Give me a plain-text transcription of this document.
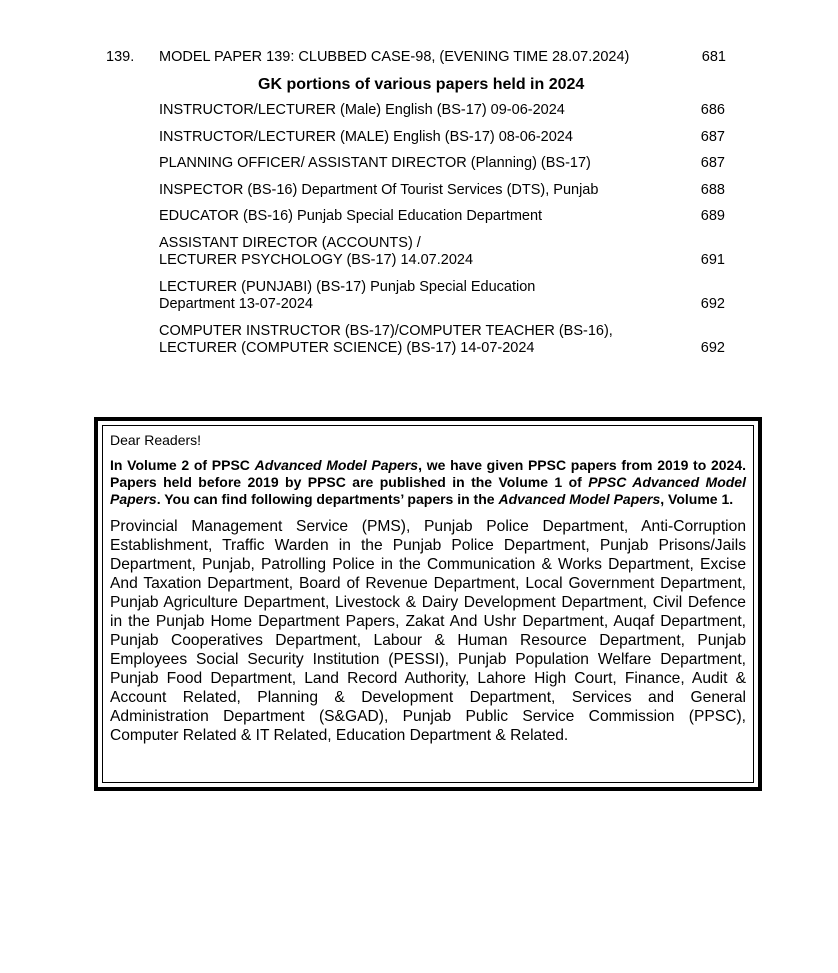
139. MODEL PAPER 139: CLUBBED CASE-98, (EVENING TIME 28.07.2024)	681
GK portions of various papers held in 2024
INSTRUCTOR/LECTURER (Male) English (BS-17) 09-06-2024	686
INSTRUCTOR/LECTURER (MALE) English (BS-17) 08-06-2024	687
PLANNING OFFICER/ ASSISTANT DIRECTOR (Planning) (BS-17)	687
INSPECTOR (BS-16) Department Of Tourist Services (DTS), Punjab	688
EDUCATOR (BS-16) Punjab Special Education Department	689
ASSISTANT DIRECTOR (ACCOUNTS) /
LECTURER PSYCHOLOGY (BS-17) 14.07.2024	691
LECTURER (PUNJABI) (BS-17) Punjab Special Education
Department 13-07-2024	692
COMPUTER INSTRUCTOR (BS-17)/COMPUTER TEACHER (BS-16),
LECTURER (COMPUTER SCIENCE) (BS-17) 14-07-2024	692

Dear Readers!

In Volume 2 of PPSC Advanced Model Papers, we have given PPSC papers from 2019 to 2024. Papers held before 2019 by PPSC are published in the Volume 1 of PPSC Advanced Model Papers. You can find following departments’ papers in the Advanced Model Papers, Volume 1.

Provincial Management Service (PMS), Punjab Police Department, Anti-Corruption Establishment, Traffic Warden in the Punjab Police Department, Punjab Prisons/Jails Department, Punjab, Patrolling Police in the Communication & Works Department, Excise And Taxation Department, Board of Revenue Department, Local Government Department, Punjab Agriculture Department, Livestock & Dairy Development Department, Civil Defence in the Punjab Home Department Papers, Zakat And Ushr Department, Auqaf Department, Punjab Cooperatives Department, Labour & Human Resource Department, Punjab Employees Social Security Institution (PESSI), Punjab Population Welfare Department, Punjab Food Department, Land Record Authority, Lahore High Court, Finance, Audit & Account Related, Planning & Development Department, Services and General Administration Department (S&GAD), Punjab Public Service Commission (PPSC), Computer Related & IT Related, Education Department & Related.
